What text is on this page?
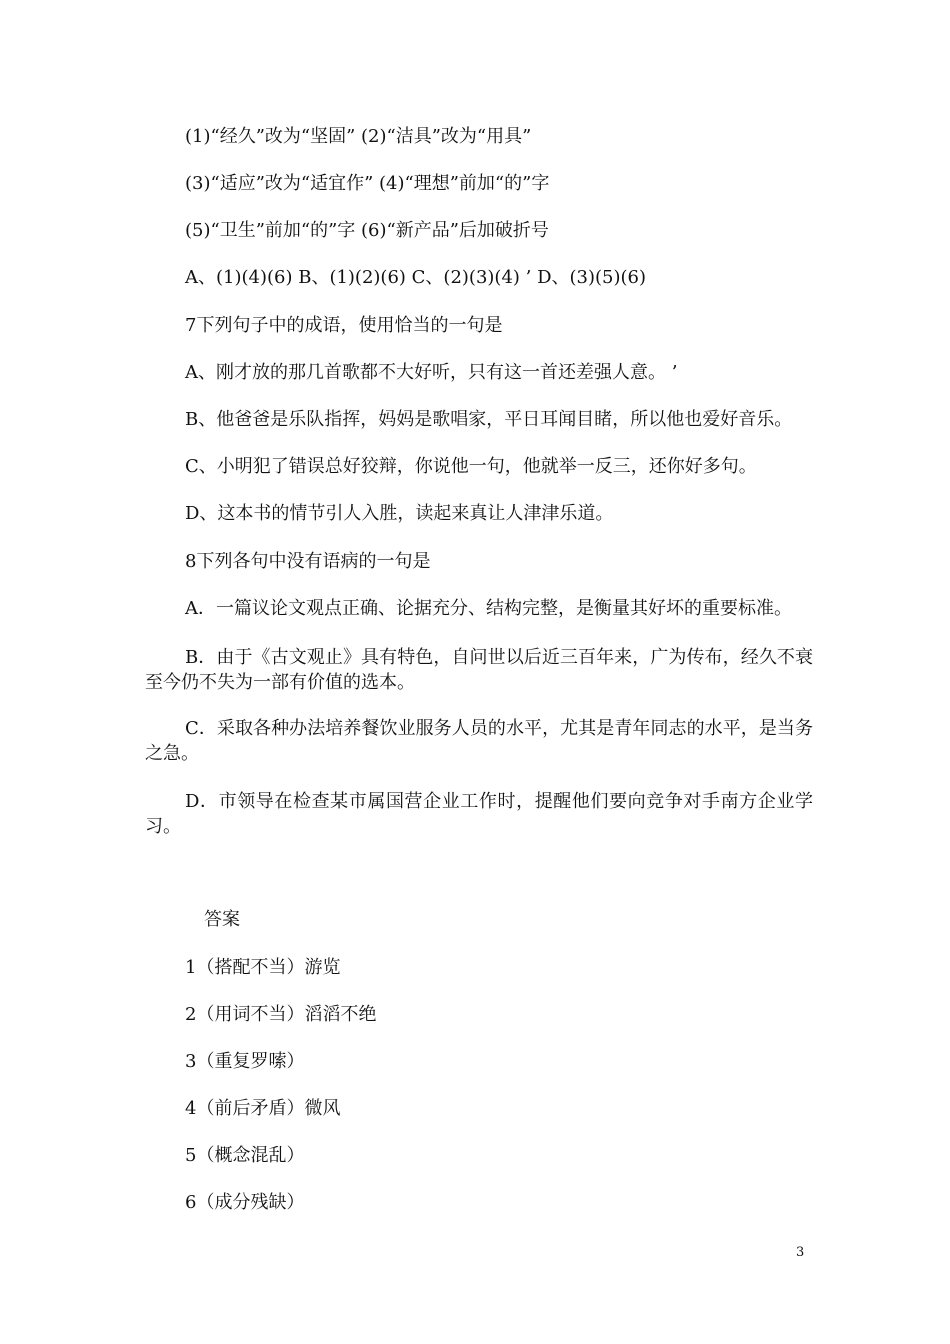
(1)“经久”改为“坚固” (2)“洁具”改为“用具”
(3)“适应”改为“适宜作” (4)“理想”前加“的”字
(5)“卫生”前加“的”字 (6)“新产品”后加破折号
A、(1)(4)(6) B、(1)(2)(6) C、(2)(3)(4) ’ D、(3)(5)(6)
7下列句子中的成语，使用恰当的一句是
A、刚才放的那几首歌都不大好听，只有这一首还差强人意。 ’
B、他爸爸是乐队指挥，妈妈是歌唱家，平日耳闻目睹，所以他也爱好音乐。
C、小明犯了错误总好狡辩，你说他一句，他就举一反三，还你好多句。
D、这本书的情节引人入胜，读起来真让人津津乐道。
8下列各句中没有语病的一句是
A．一篇议论文观点正确、论据充分、结构完整，是衡量其好坏的重要标准。
B．由于《古文观止》具有特色，自问世以后近三百年来，广为传布，经久不衰至今仍不失为一部有价值的选本。
C．采取各种办法培养餐饮业服务人员的水平，尤其是青年同志的水平，是当务之急。
D．市领导在检查某市属国营企业工作时，提醒他们要向竞争对手南方企业学习。
答案
1（搭配不当）游览
2（用词不当）滔滔不绝
3（重复罗嗦）
4（前后矛盾）微风
5（概念混乱）
6（成分残缺）
3
